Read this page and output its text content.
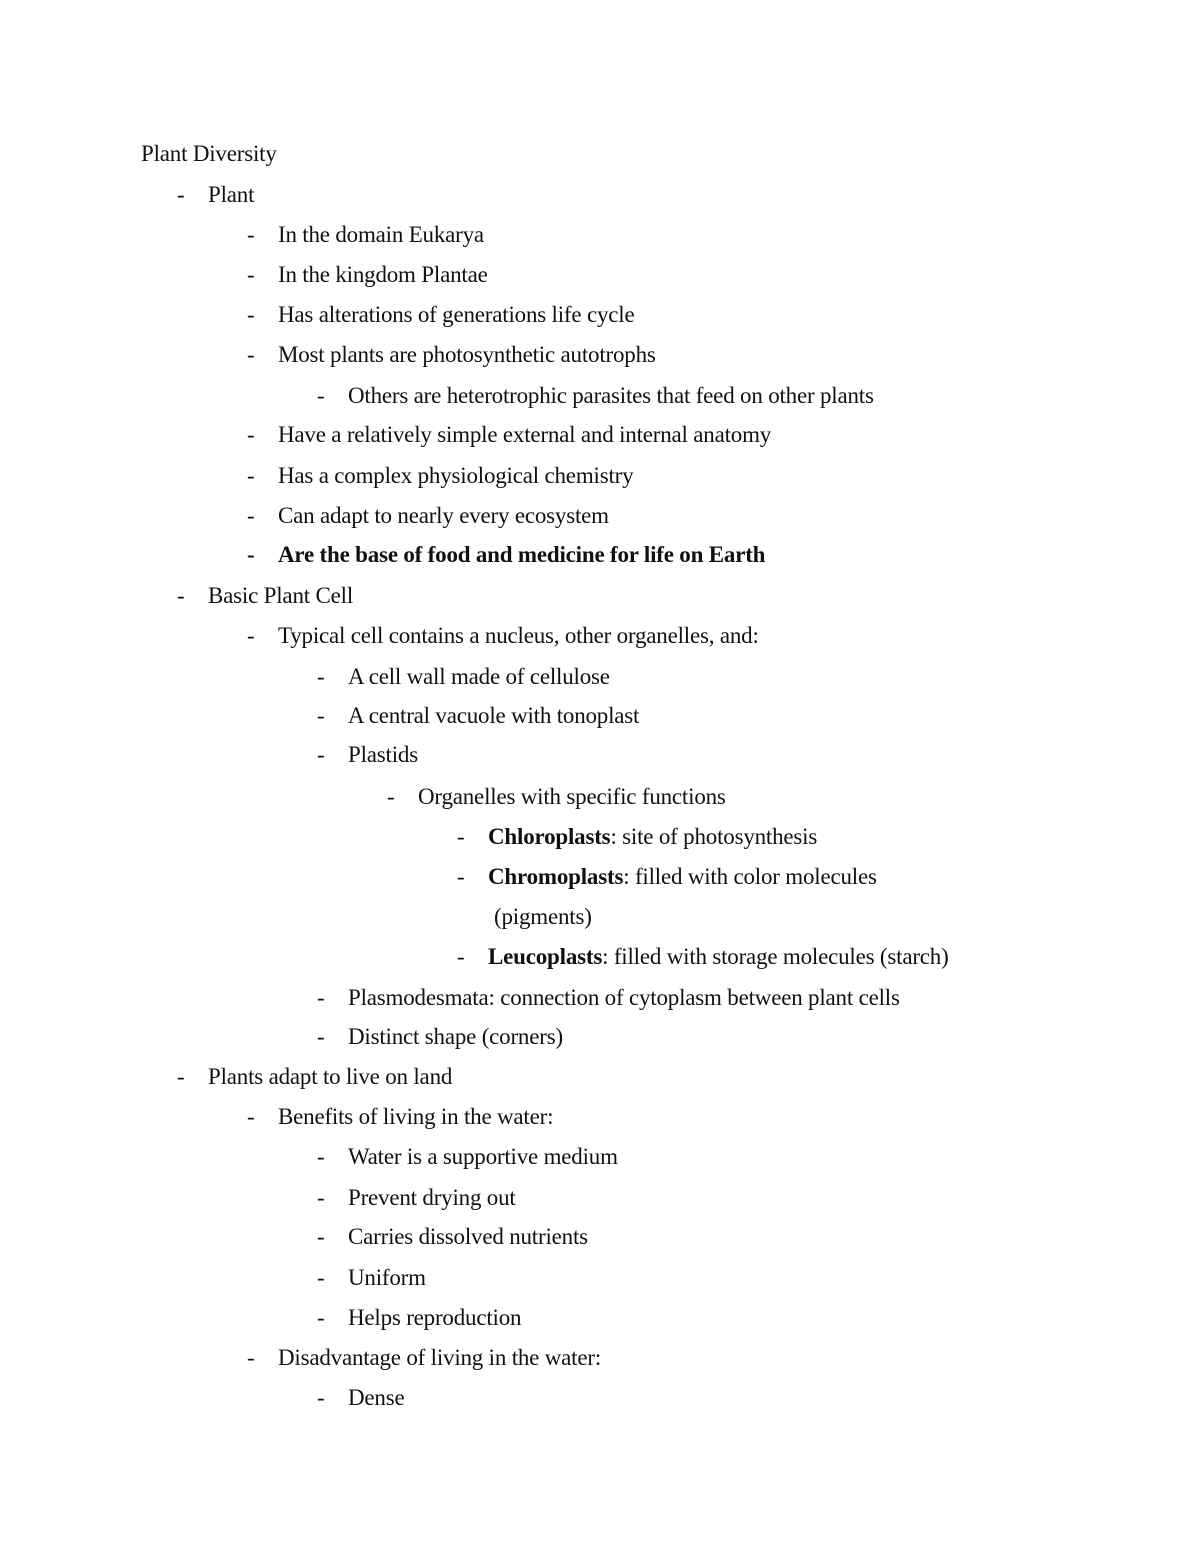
Plant Diversity
- Plant
- In the domain Eukarya
- In the kingdom Plantae
- Has alterations of generations life cycle
- Most plants are photosynthetic autotrophs
- Others are heterotrophic parasites that feed on other plants
- Have a relatively simple external and internal anatomy
- Has a complex physiological chemistry
- Can adapt to nearly every ecosystem
- Are the base of food and medicine for life on Earth
- Basic Plant Cell
- Typical cell contains a nucleus, other organelles, and:
- A cell wall made of cellulose
- A central vacuole with tonoplast
- Plastids
- Organelles with specific functions
- Chloroplasts: site of photosynthesis
- Chromoplasts: filled with color molecules
(pigments)
- Leucoplasts: filled with storage molecules (starch)
- Plasmodesmata: connection of cytoplasm between plant cells
- Distinct shape (corners)
- Plants adapt to live on land
- Benefits of living in the water:
- Water is a supportive medium
- Prevent drying out
- Carries dissolved nutrients
- Uniform
- Helps reproduction
- Disadvantage of living in the water:
- Dense
